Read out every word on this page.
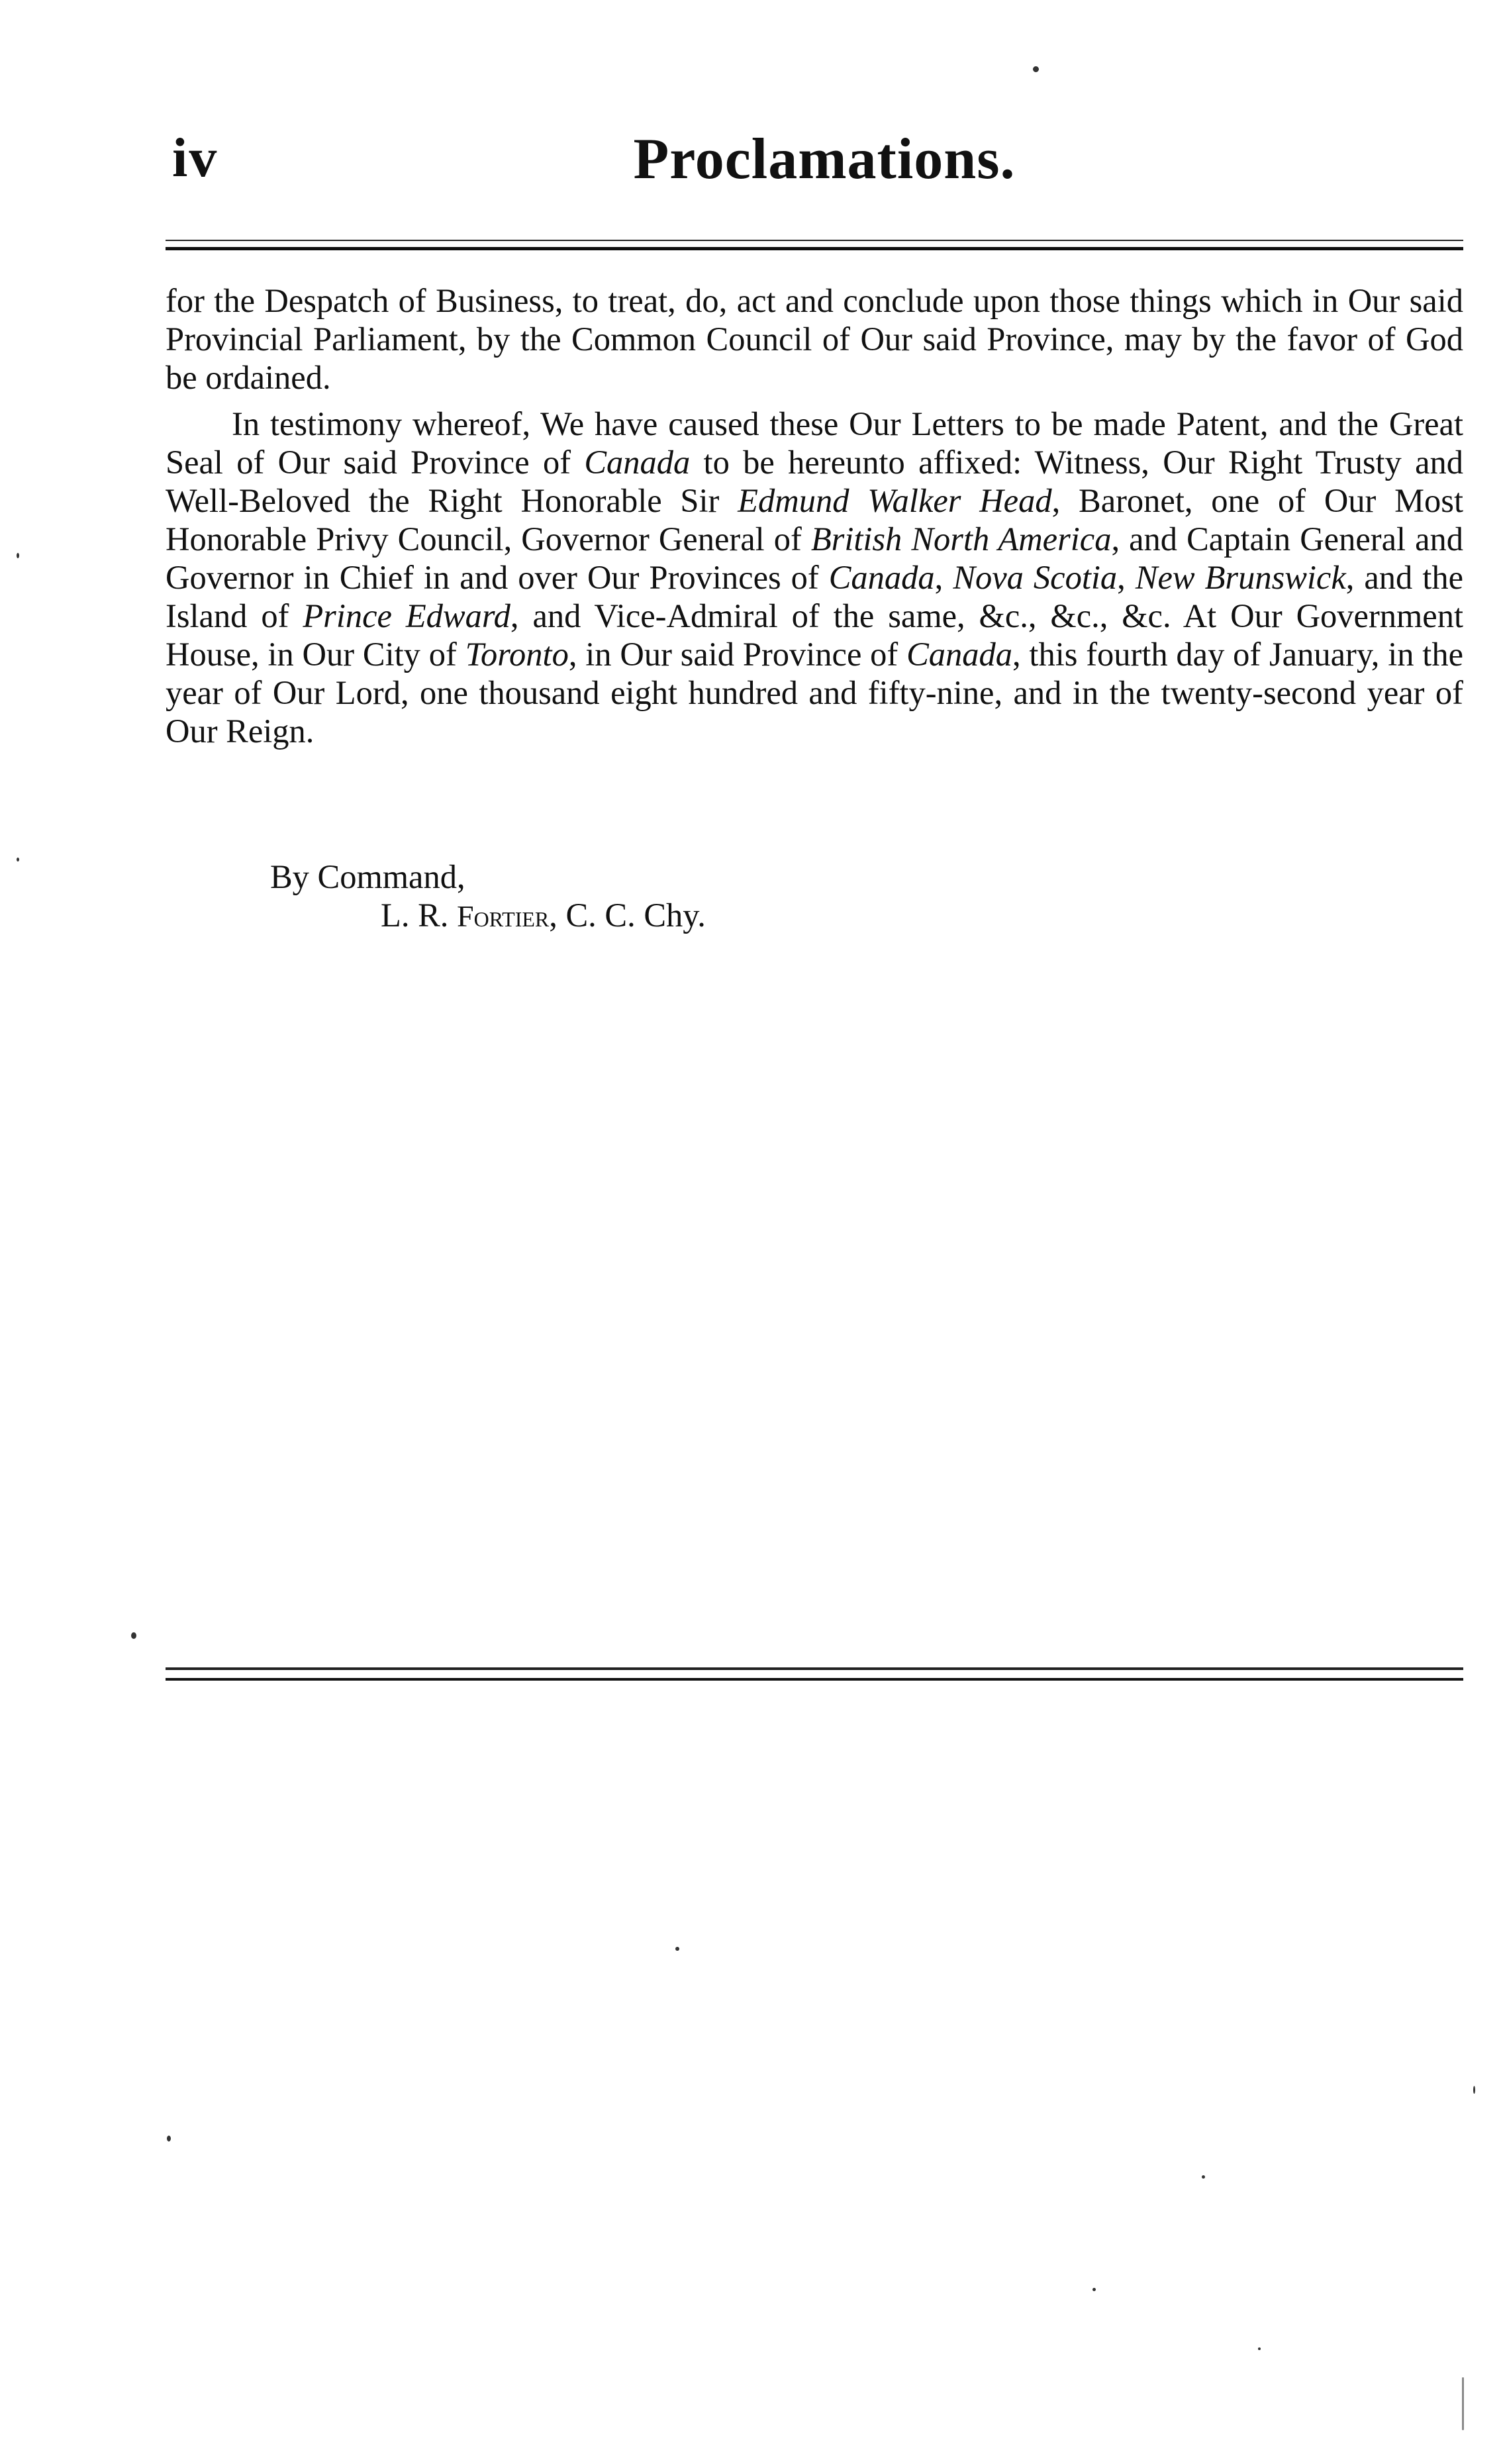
iv	Proclamations.

for the Despatch of Business, to treat, do, act and conclude upon those things which in Our said Provincial Parliament, by the Common Council of Our said Province, may by the favor of God be ordained.

In testimony whereof, We have caused these Our Letters to be made Patent, and the Great Seal of Our said Province of Canada to be hereunto affixed: Witness, Our Right Trusty and Well-Beloved the Right Honorable Sir Edmund Walker Head, Baronet, one of Our Most Honorable Privy Council, Governor General of British North America, and Captain General and Governor in Chief in and over Our Provinces of Canada, Nova Scotia, New Brunswick, and the Island of Prince Edward, and Vice-Admiral of the same, &c., &c., &c. At Our Government House, in Our City of Toronto, in Our said Province of Canada, this fourth day of January, in the year of Our Lord, one thousand eight hundred and fifty-nine, and in the twenty-second year of Our Reign.

By Command,
L. R. Fortier, C. C. Chy.
